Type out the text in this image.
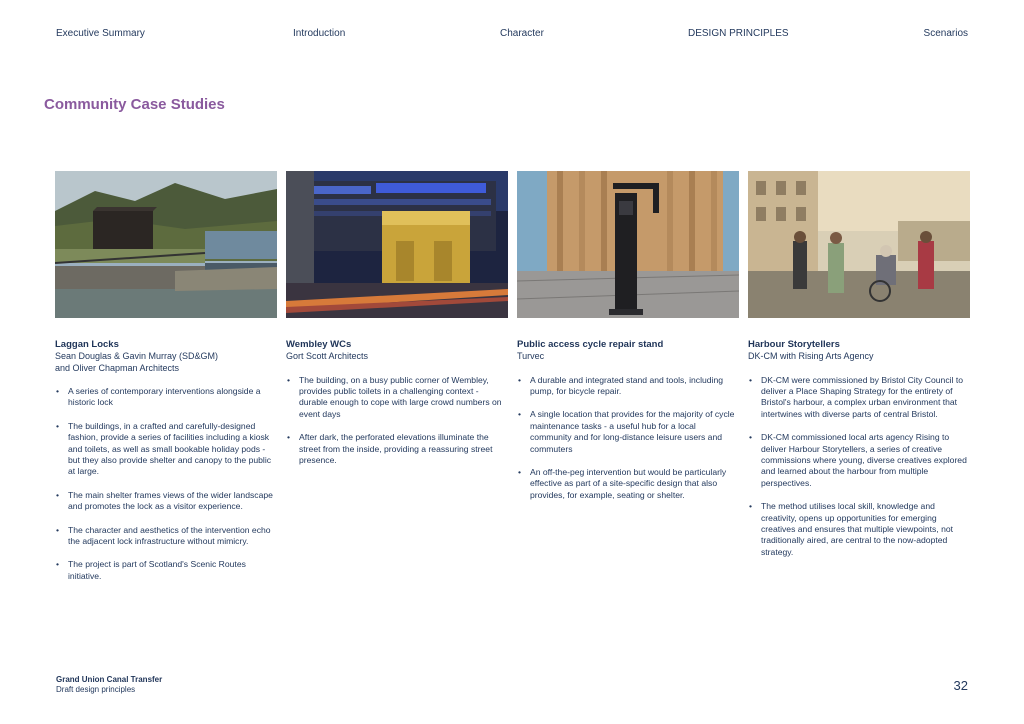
Executive Summary	Introduction	Character	DESIGN PRINCIPLES	Scenarios
Community Case Studies
Laggan Locks
Sean Douglas & Gavin Murray (SD&GM)
and Oliver Chapman Architects
• A series of contemporary interventions alongside a historic lock
• The buildings, in a crafted and carefully-designed fashion, provide a series of facilities including a kiosk and toilets, as well as small bookable holiday pods - but they also provide shelter and canopy to the public at large.
• The main shelter frames views of the wider landscape and promotes the lock as a visitor experience.
• The character and aesthetics of the intervention echo the adjacent lock infrastructure without mimicry.
• The project is part of Scotland's Scenic Routes initiative.
Wembley WCs
Gort Scott Architects
• The building, on a busy public corner of Wembley, provides public toilets in a challenging context - durable enough to cope with large crowd numbers on event days
• After dark, the perforated elevations illuminate the street from the inside, providing a reassuring street presence.
Public access cycle repair stand
Turvec
• A durable and integrated stand and tools, including pump, for bicycle repair.
• A single location that provides for the majority of cycle maintenance tasks - a useful hub for a local community and for long-distance leisure users and commuters
• An off-the-peg intervention but would be particularly effective as part of a site-specific design that also provides, for example, seating or shelter.
Harbour Storytellers
DK-CM with Rising Arts Agency
• DK-CM were commissioned by Bristol City Council to deliver a Place Shaping Strategy for the entirety of Bristol's harbour, a complex urban environment that intertwines with diverse parts of central Bristol.
• DK-CM commissioned local arts agency Rising to deliver Harbour Storytellers, a series of creative commissions where young, diverse creatives explored and learned about the harbour from multiple perspectives.
• The method utilises local skill, knowledge and creativity, opens up opportunities for emerging creatives and ensures that multiple viewpoints, not traditionally aired, are central to the now-adopted strategy.
Grand Union Canal Transfer
Draft design principles	32
